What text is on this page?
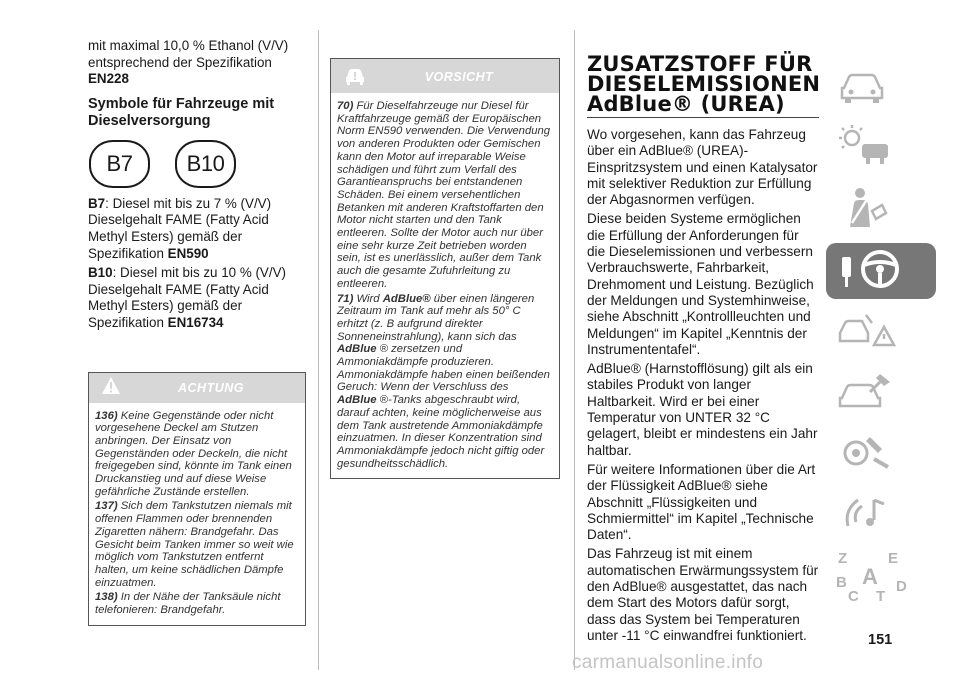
mit maximal 10,0 % Ethanol (V/V)
entsprechend der Spezifikation EN228

Symbole für Fahrzeuge mit Dieselversorgung
B7	B10

B7: Diesel mit bis zu 7 % (V/V) Dieselgehalt FAME (Fatty Acid Methyl Esters) gemäß der Spezifikation EN590

B10: Diesel mit bis zu 10 % (V/V) Dieselgehalt FAME (Fatty Acid Methyl Esters) gemäß der Spezifikation EN16734

ACHTUNG

136) Keine Gegenstände oder nicht vorgesehene Deckel am Stutzen anbringen. Der Einsatz von Gegenständen oder Deckeln, die nicht freigegeben sind, könnte im Tank einen Druckanstieg und auf diese Weise gefährliche Zustände erstellen.

137) Sich dem Tankstutzen niemals mit offenen Flammen oder brennenden Zigaretten nähern: Brandgefahr. Das Gesicht beim Tanken immer so weit wie möglich vom Tankstutzen entfernt halten, um keine schädlichen Dämpfe einzuatmen.

138) In der Nähe der Tanksäule nicht telefonieren: Brandgefahr.

VORSICHT

70) Für Dieselfahrzeuge nur Diesel für Kraftfahrzeuge gemäß der Europäischen Norm EN590 verwenden. Die Verwendung von anderen Produkten oder Gemischen kann den Motor auf irreparable Weise schädigen und führt zum Verfall des Garantieanspruchs bei entstandenen Schäden. Bei einem versehentlichen Betanken mit anderen Kraftstoffarten den Motor nicht starten und den Tank entleeren. Sollte der Motor auch nur über eine sehr kurze Zeit betrieben worden sein, ist es unerlässlich, außer dem Tank auch die gesamte Zufuhrleitung zu entleeren.

71) Wird AdBlue® über einen längeren Zeitraum im Tank auf mehr als 50° C erhitzt (z. B aufgrund direkter Sonneneinstrahlung), kann sich das AdBlue ® zersetzen und Ammoniakdämpfe produzieren. Ammoniakdämpfe haben einen beißenden Geruch: Wenn der Verschluss des AdBlue ®-Tanks abgeschraubt wird, darauf achten, keine möglicherweise aus dem Tank austretende Ammoniakdämpfe einzuatmen. In dieser Konzentration sind Ammoniakdämpfe jedoch nicht giftig oder gesundheitsschädlich.

ZUSATZSTOFF FÜR
DIESELEMISSIONEN
AdBlue® (UREA)

Wo vorgesehen, kann das Fahrzeug über ein AdBlue® (UREA)-Einspritzsystem und einen Katalysator mit selektiver Reduktion zur Erfüllung der Abgasnormen verfügen.

Diese beiden Systeme ermöglichen die Erfüllung der Anforderungen für die Dieselemissionen und verbessern Verbrauchswerte, Fahrbarkeit, Drehmoment und Leistung. Bezüglich der Meldungen und Systemhinweise, siehe Abschnitt „Kontrollleuchten und Meldungen“ im Kapitel „Kenntnis der Instrumententafel“.

AdBlue® (Harnstofflösung) gilt als ein stabiles Produkt von langer Haltbarkeit. Wird er bei einer Temperatur von UNTER 32 °C gelagert, bleibt er mindestens ein Jahr haltbar.

Für weitere Informationen über die Art der Flüssigkeit AdBlue® siehe Abschnitt „Flüssigkeiten und Schmiermittel“ im Kapitel „Technische Daten“.

Das Fahrzeug ist mit einem automatischen Erwärmungssystem für den AdBlue® ausgestattet, das nach dem Start des Motors dafür sorgt, dass das System bei Temperaturen unter -11 °C einwandfrei funktioniert.

Z	E
A
B
C T
D
151
carmanualsonline.info
